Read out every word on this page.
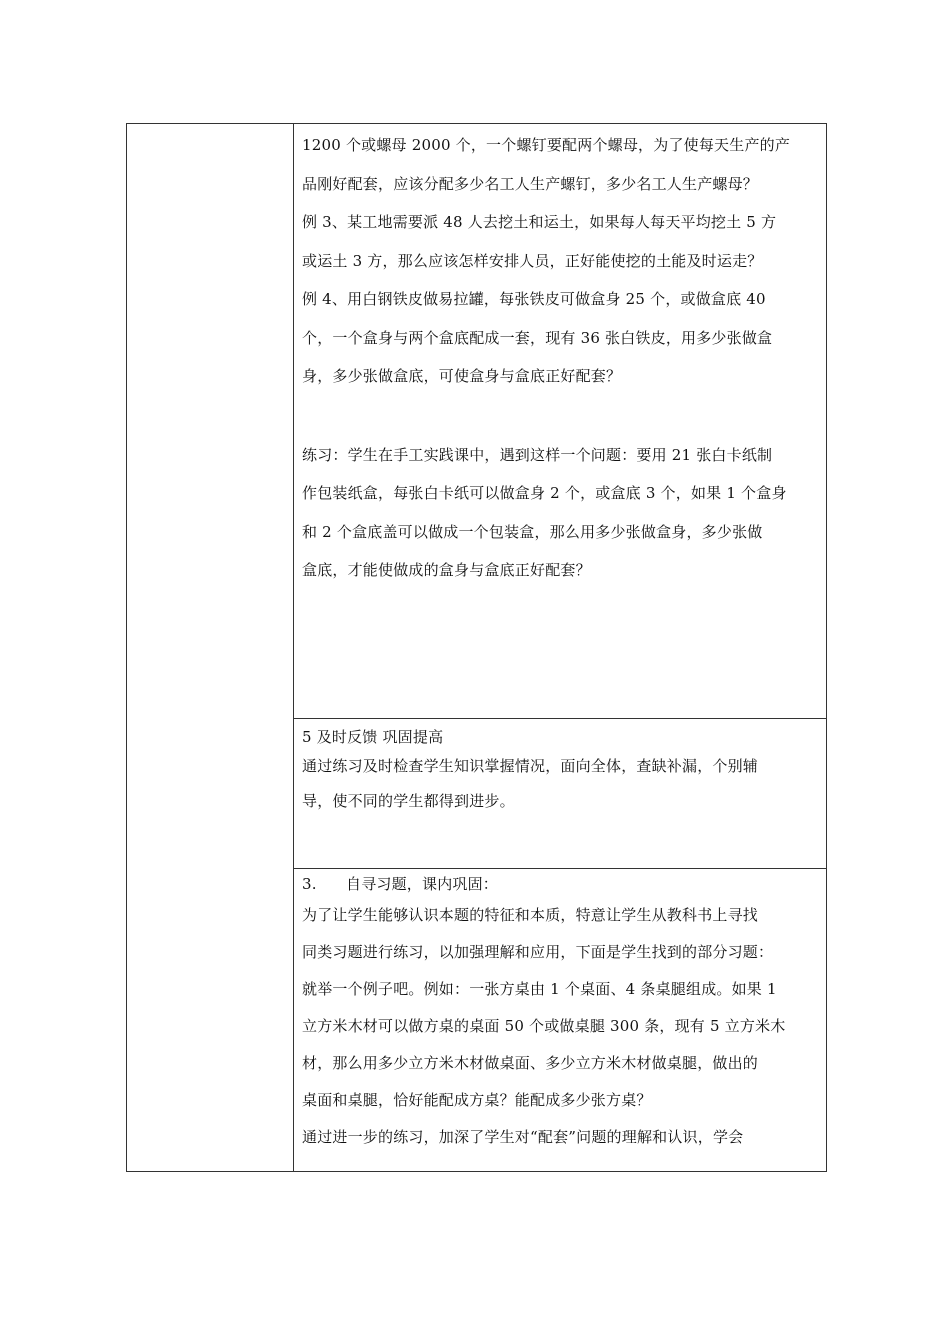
1200 个或螺母 2000 个，一个螺钉要配两个螺母，为了使每天生产的产

品刚好配套，应该分配多少名工人生产螺钉，多少名工人生产螺母？

例 3、某工地需要派 48 人去挖土和运土，如果每人每天平均挖土 5 方

或运土 3 方，那么应该怎样安排人员，正好能使挖的土能及时运走？

例 4、用白钢铁皮做易拉罐，每张铁皮可做盒身 25 个，或做盒底 40

个，一个盒身与两个盒底配成一套，现有 36 张白铁皮，用多少张做盒

身，多少张做盒底，可使盒身与盒底正好配套？

练习：学生在手工实践课中，遇到这样一个问题：要用 21 张白卡纸制

作包装纸盒，每张白卡纸可以做盒身 2 个，或盒底 3 个，如果 1 个盒身

和 2 个盒底盖可以做成一个包装盒，那么用多少张做盒身，多少张做

盒底，才能使做成的盒身与盒底正好配套？

5 及时反馈 巩固提高

通过练习及时检查学生知识掌握情况，面向全体，查缺补漏，个别辅

导，使不同的学生都得到进步。

3. 自寻习题，课内巩固：

为了让学生能够认识本题的特征和本质，特意让学生从教科书上寻找

同类习题进行练习，以加强理解和应用，下面是学生找到的部分习题：

就举一个例子吧。例如：一张方桌由 1 个桌面、4 条桌腿组成。如果 1

立方米木材可以做方桌的桌面 50 个或做桌腿 300 条，现有 5 立方米木

材，那么用多少立方米木材做桌面、多少立方米木材做桌腿，做出的

桌面和桌腿，恰好能配成方桌？能配成多少张方桌？

通过进一步的练习，加深了学生对“配套”问题的理解和认识，学会
